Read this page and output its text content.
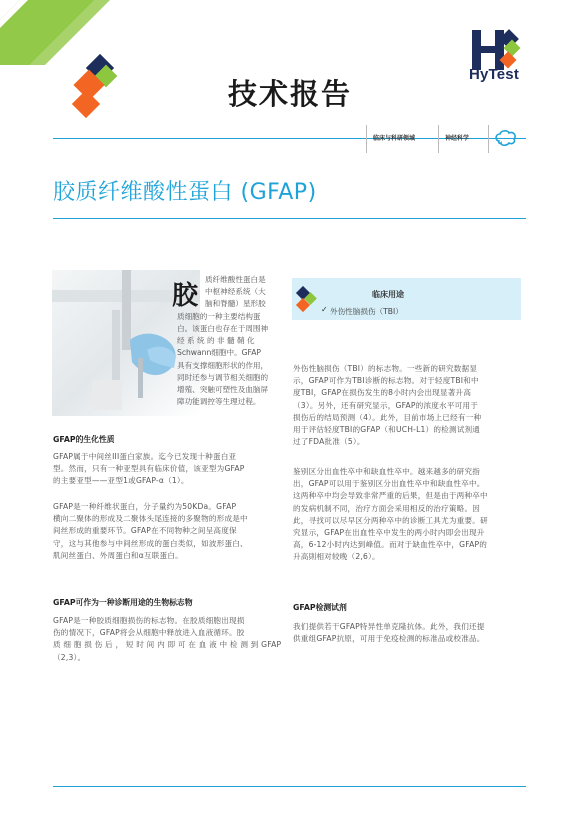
HyTest
技术报告
临床与科研领域	神经科学
胶质纤维酸性蛋白 (GFAP)
胶
质纤维酸性蛋白是
中枢神经系统（大
脑和脊髓）星形胶
质细胞的一种主要结构蛋
白。该蛋白也存在于周围神
经 系 统 的 非 髓 鞘 化
Schwann细胞中。GFAP
具有支撑细胞形状的作用，
同时还参与调节相关细胞的
增殖、突触可塑性及血脑屏
障功能调控等生理过程。
临床用途
✓ 外伤性脑损伤（TBI）
GFAP的生化性质
GFAP属于中间丝III蛋白家族。迄今已发现十种蛋白亚
型。然而，只有一种亚型具有临床价值，该亚型为GFAP
的主要亚型——亚型1或GFAP-α（1）。
GFAP是一种纤维状蛋白，分子量约为50KDa。GFAP
横向二聚体的形成及二聚体头尾连接的多聚物的形成是中
间丝形成的重要环节。GFAP在不同物种之间呈高度保
守，这与其他参与中间丝形成的蛋白类似，如波形蛋白、
肌间丝蛋白、外周蛋白和α互联蛋白。
GFAP可作为一种诊断用途的生物标志物
GFAP是一种胶质细胞损伤的标志物。在胶质细胞出现损
伤的情况下，GFAP将会从细胞中释放进入血液循环。胶
质 细 胞 损 伤 后 ， 短 时 间 内 即 可 在 血 液 中 检 测 到 GFAP
（2,3）。
外伤性脑损伤（TBI）的标志物。一些新的研究数据显
示，GFAP可作为TBI诊断的标志物。对于轻度TBI和中
度TBI，GFAP在损伤发生的8小时内会出现显著升高
（3）。另外，还有研究显示，GFAP的浓度水平可用于
损伤后的结局预测（4）。此外，目前市场上已经有一种
用于评估轻度TBI的GFAP（和UCH-L1）的检测试剂通
过了FDA批准（5）。
鉴别区分出血性卒中和缺血性卒中。越来越多的研究指
出，GFAP可以用于鉴别区分出血性卒中和缺血性卒中。
这两种卒中均会导致非常严重的后果，但是由于两种卒中
的发病机制不同，治疗方面会采用相反的治疗策略。因
此，寻找可以尽早区分两种卒中的诊断工具尤为重要。研
究显示，GFAP在出血性卒中发生的两小时内即会出现升
高，6-12小时内达到峰值。而对于缺血性卒中，GFAP的
升高則相对较晚（2,6）。
GFAP检测试剂
我们提供若干GFAP特异性单克隆抗体。此外，我们还提
供重组GFAP抗原，可用于免疫检测的标准品或校准品。
